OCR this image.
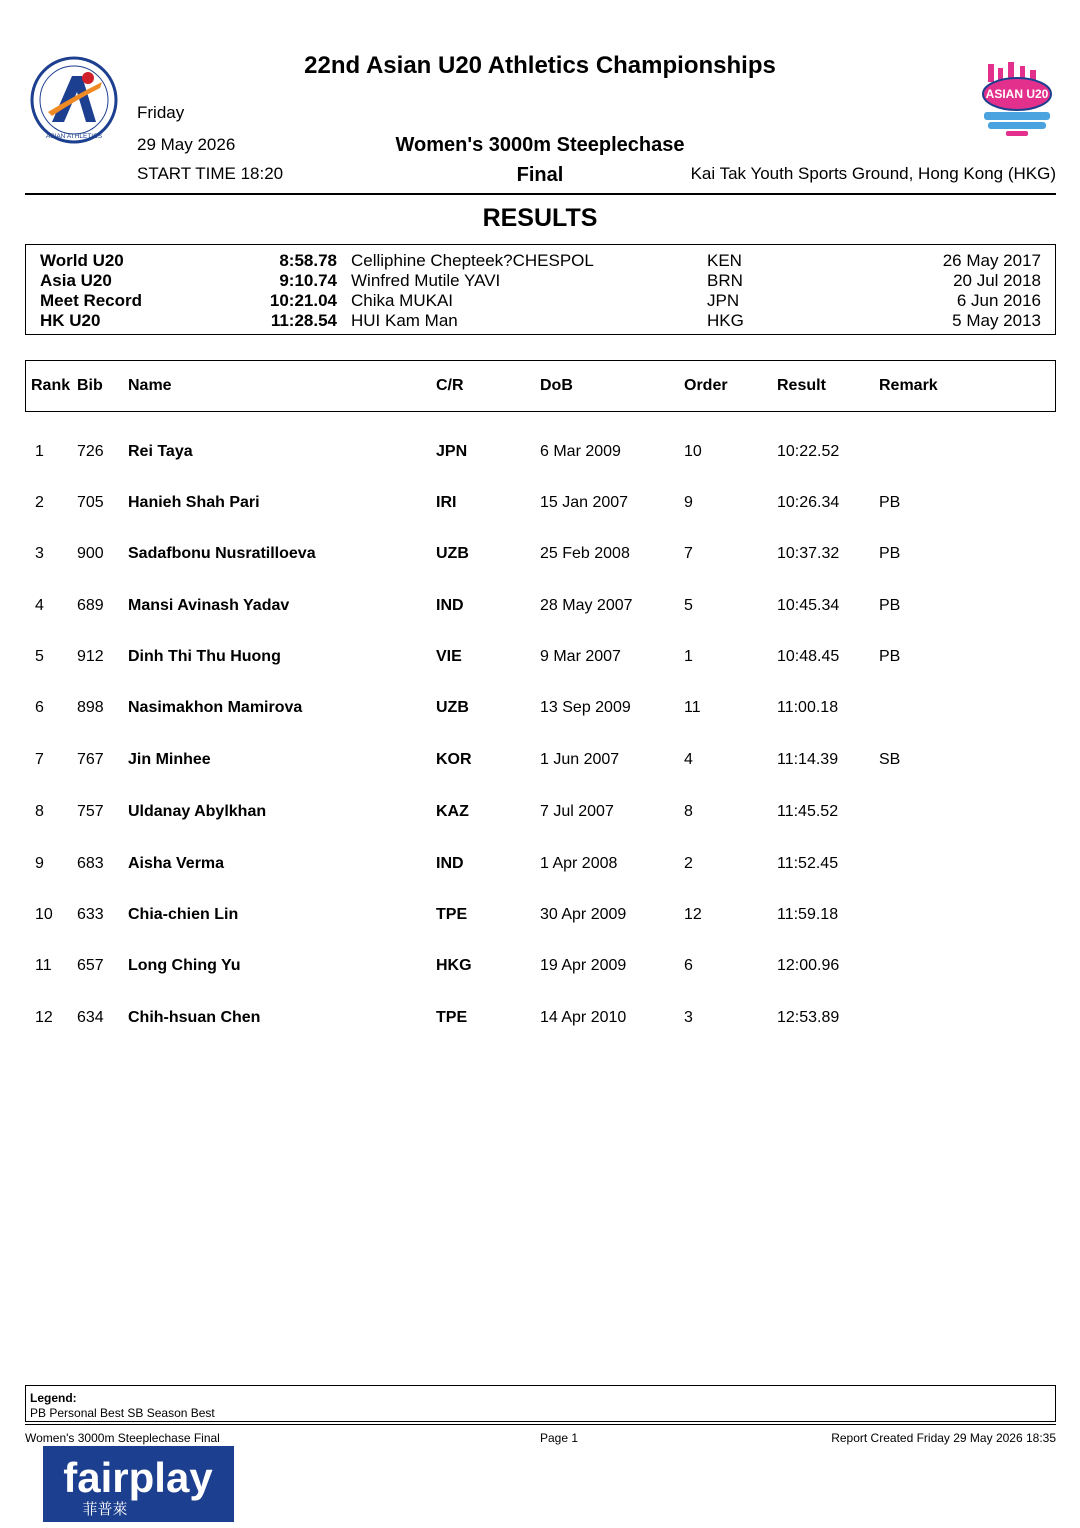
ASIAN ATHLETICS
ASIAN U20
22nd Asian U20 Athletics Championships
Friday
29 May 2026
START TIME 18:20
Women's 3000m Steeplechase
Final	Kai Tak Youth Sports Ground, Hong Kong (HKG)
RESULTS
World U20	8:58.78 Celliphine Chepteek?CHESPOL	KEN	26 May 2017
Asia U20	9:10.74 Winfred Mutile YAVI	BRN	20 Jul 2018
Meet Record	10:21.04 Chika MUKAI	JPN	6 Jun 2016
HK U20	11:28.54 HUI Kam Man	HKG	5 May 2013
Rank Bib Name	C/R	DoB	Order	Result	Remark
1 726 Rei Taya	JPN	6 Mar 2009	10	10:22.52
2 705 Hanieh Shah Pari	IRI	15 Jan 2007	9	10:26.34 PB
3 900 Sadafbonu Nusratilloeva	UZB	25 Feb 2008	7	10:37.32 PB
4 689 Mansi Avinash Yadav	IND	28 May 2007	5	10:45.34 PB
5 912 Dinh Thi Thu Huong	VIE	9 Mar 2007	1	10:48.45 PB
6 898 Nasimakhon Mamirova	UZB	13 Sep 2009	11	11:00.18
7 767 Jin Minhee	KOR	1 Jun 2007	4	11:14.39	SB
8 757 Uldanay Abylkhan	KAZ	7 Jul 2007	8	11:45.52
9 683 Aisha Verma	IND	1 Apr 2008	2	11:52.45
10 633 Chia-chien Lin	TPE	30 Apr 2009	12	11:59.18
11 657 Long Ching Yu	HKG	19 Apr 2009	6	12:00.96
12 634 Chih-hsuan Chen	TPE	14 Apr 2010	3	12:53.89
Legend:
PB Personal Best SB Season Best
Women's 3000m Steeplechase Final	Page 1	Report Created Friday 29 May 2026 18:35
fairplay
菲普萊
